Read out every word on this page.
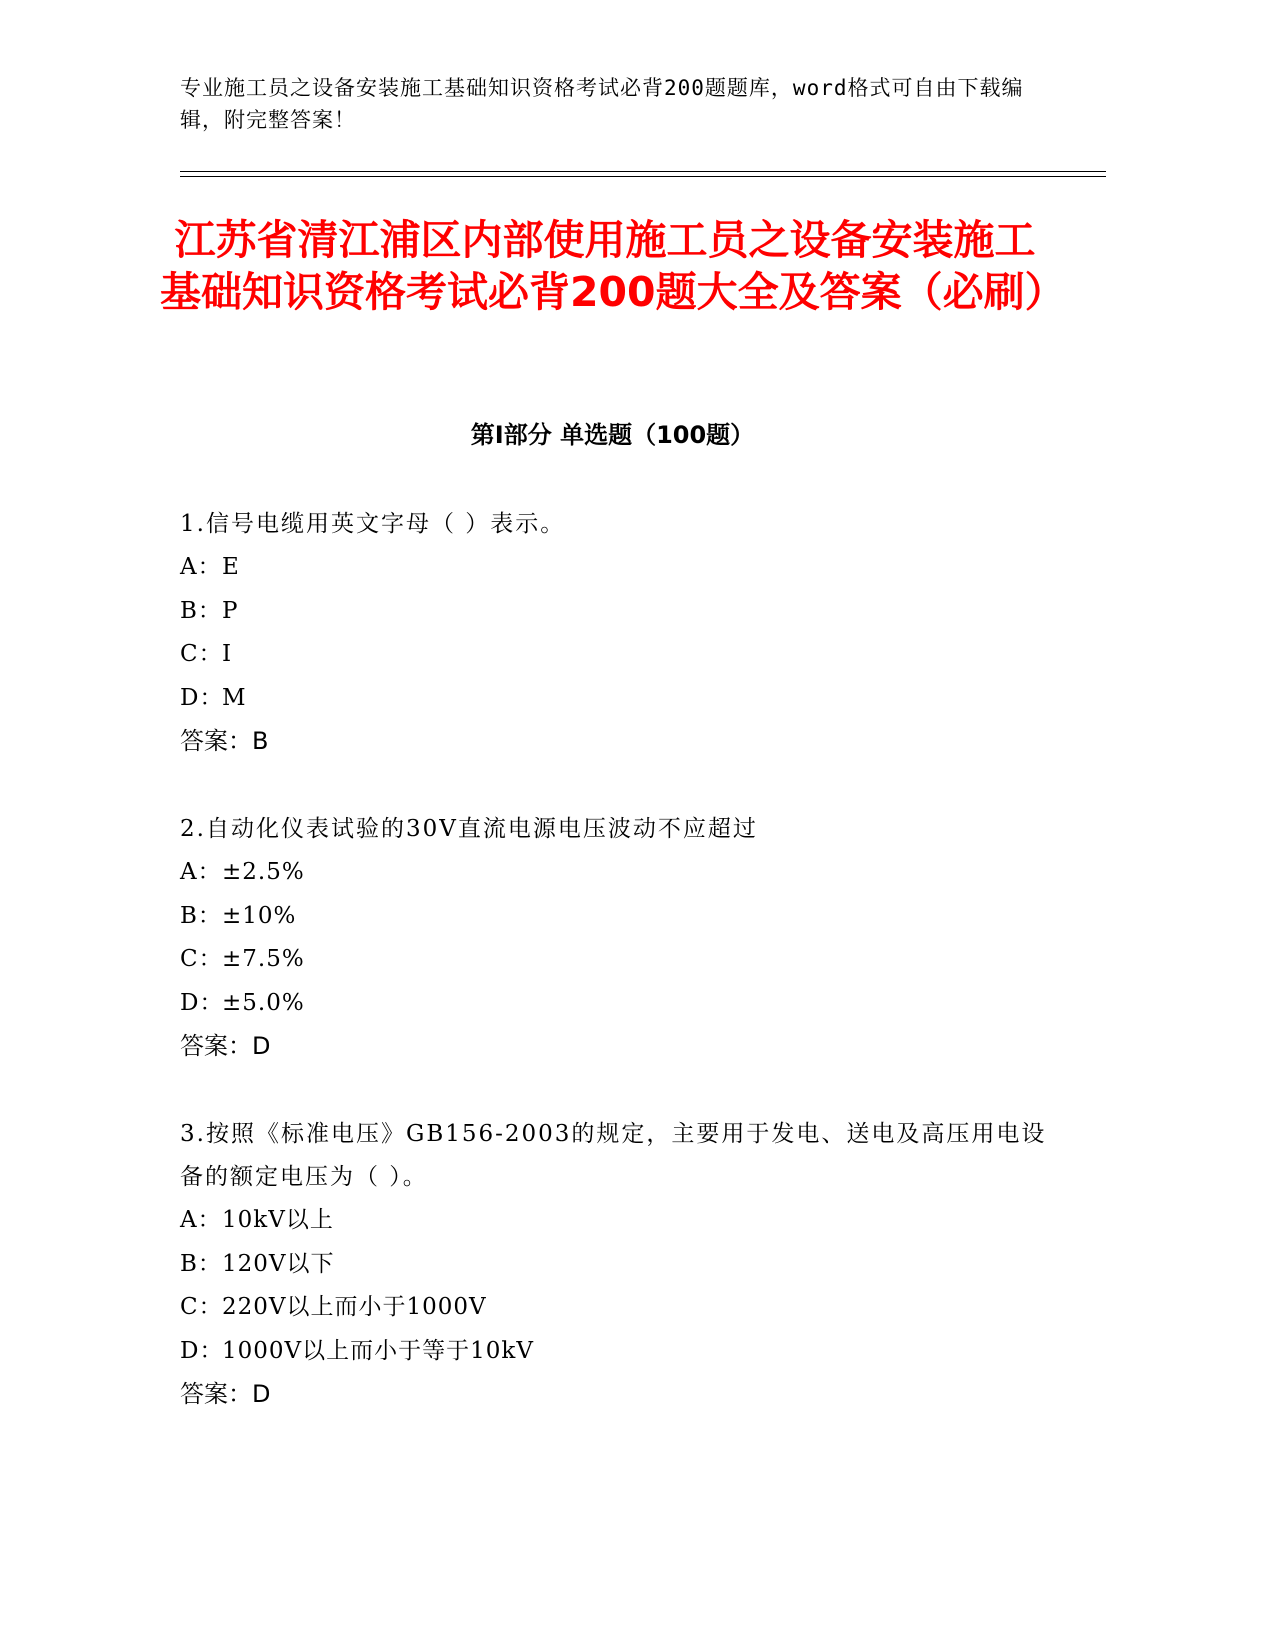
专业施工员之设备安装施工基础知识资格考试必背200题题库，word格式可自由下载编辑，附完整答案！
江苏省清江浦区内部使用施工员之设备安装施工基础知识资格考试必背200题大全及答案（必刷）
第I部分 单选题（100题）

1.信号电缆用英文字母（ ）表示。

A：E

B：P

C：I

D：M

答案：B

2.自动化仪表试验的30V直流电源电压波动不应超过

A：±2.5%

B：±10%

C：±7.5%

D：±5.0%

答案：D

3.按照《标准电压》GB156-2003的规定，主要用于发电、送电及高压用电设备的额定电压为（ ）。

A：10kV以上

B：120V以下

C：220V以上而小于1000V

D：1000V以上而小于等于10kV

答案：D
